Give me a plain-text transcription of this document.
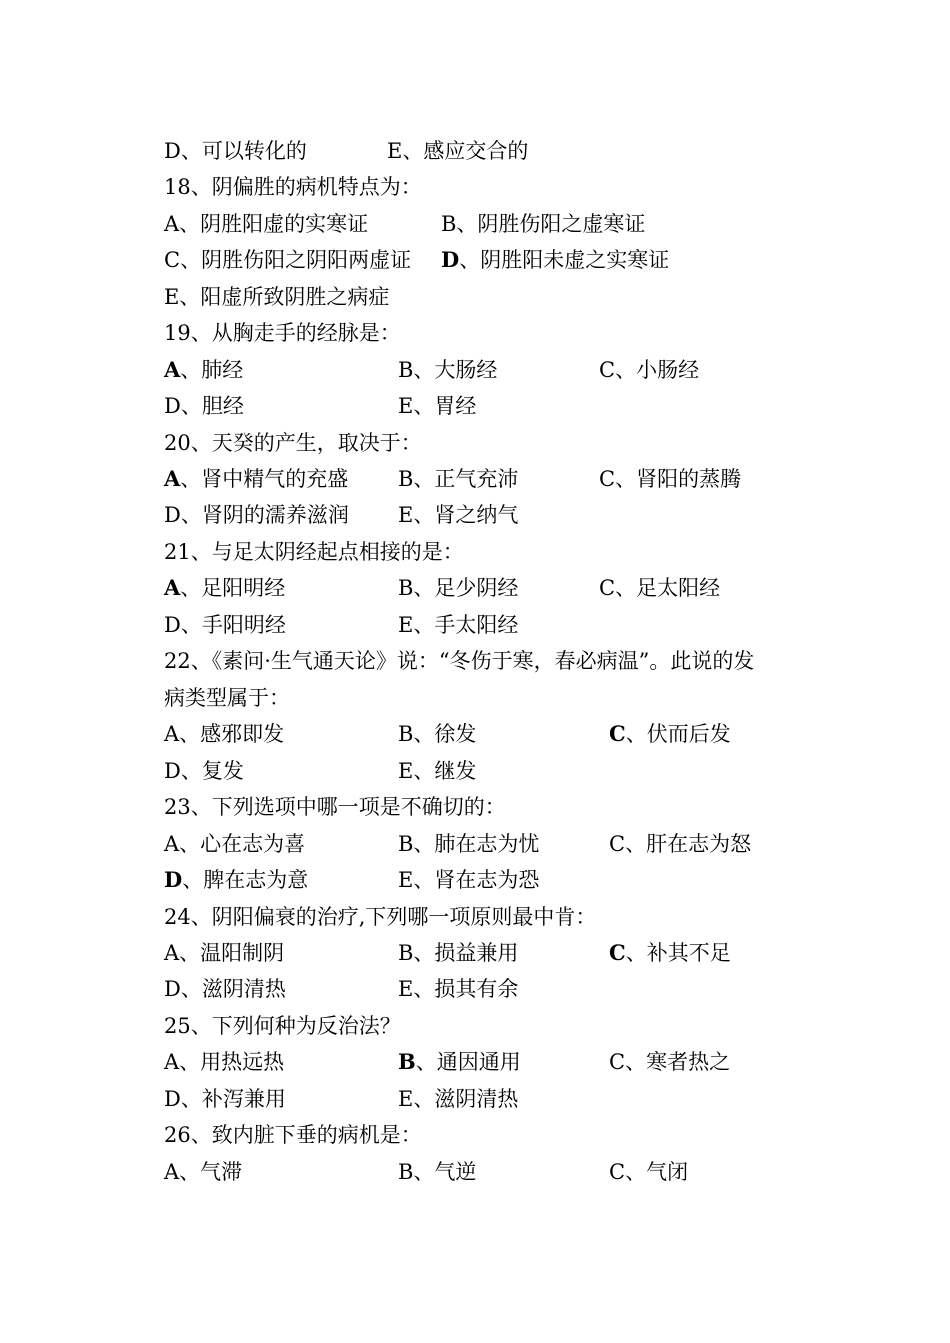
D、可以转化的	E、感应交合的
18、阴偏胜的病机特点为：
A、阴胜阳虚的实寒证	B、阴胜伤阳之虚寒证
C、阴胜伤阳之阴阳两虚证 D、阴胜阳未虚之实寒证
E、阳虚所致阴胜之病症
19、从胸走手的经脉是：
A、肺经	B、大肠经	C、小肠经
D、胆经	E、胃经
20、天癸的产生，取决于：
A、肾中精气的充盛 B、正气充沛	C、肾阳的蒸腾
D、肾阴的濡养滋润 E、肾之纳气
21、与足太阴经起点相接的是：
A、足阳明经	B、足少阴经	C、足太阳经
D、手阳明经	E、手太阳经
22、《素问·生气通天论》说：“冬伤于寒，春必病温”。此说的发
病类型属于：
A、感邪即发	B、徐发	C、伏而后发
D、复发	E、继发
23、下列选项中哪一项是不确切的：
A、心在志为喜	B、肺在志为忧	C、肝在志为怒
D、脾在志为意	E、肾在志为恐
24、阴阳偏衰的治疗,下列哪一项原则最中肯：
A、温阳制阴	B、损益兼用	C、补其不足
D、滋阴清热	E、损其有余
25、下列何种为反治法？
A、用热远热	B、通因通用	C、寒者热之
D、补泻兼用	E、滋阴清热
26、致内脏下垂的病机是：
A、气滞	B、气逆	C、气闭
